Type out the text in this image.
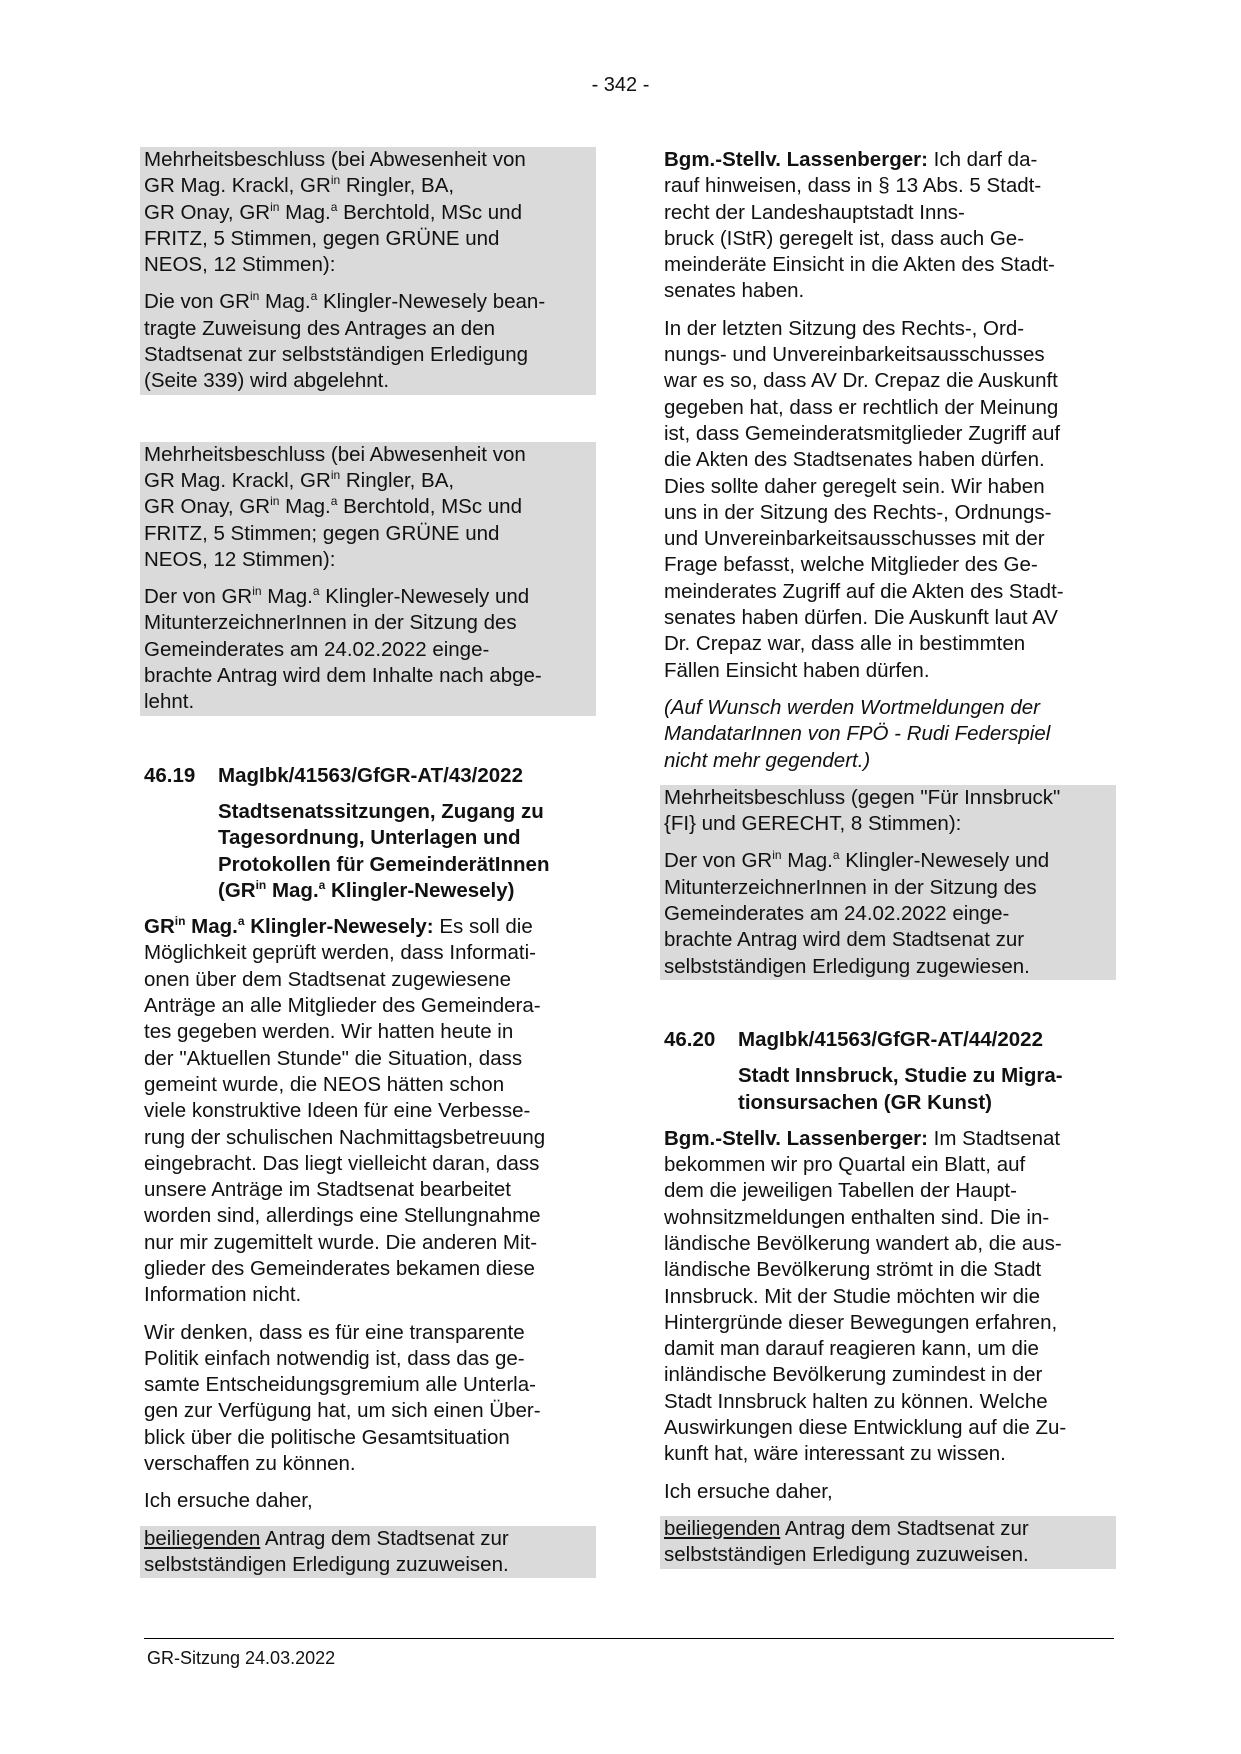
- 342 -

Mehrheitsbeschluss (bei Abwesenheit von
GR Mag. Krackl, $GR^{in}$ Ringler, BA,
GR Onay, $GR^{in}$ Mag.$^a$ Berchtold, MSc und
FRITZ, 5 Stimmen, gegen GRÜNE und
NEOS, 12 Stimmen):

Die von $GR^{in}$ Mag.$^a$ Klingler-Newesely bean-
tragte Zuweisung des Antrages an den
Stadtsenat zur selbstständigen Erledigung
(Seite 339) wird abgelehnt.

Mehrheitsbeschluss (bei Abwesenheit von
GR Mag. Krackl, $GR^{in}$ Ringler, BA,
GR Onay, $GR^{in}$ Mag.$^a$ Berchtold, MSc und
FRITZ, 5 Stimmen; gegen GRÜNE und
NEOS, 12 Stimmen):

Der von $GR^{in}$ Mag.$^a$ Klingler-Newesely und
MitunterzeichnerInnen in der Sitzung des
Gemeinderates am 24.02.2022 einge-
brachte Antrag wird dem Inhalte nach abge-
lehnt.

46.19	MagIbk/41563/GfGR-AT/43/2022
Stadtsenatssitzungen, Zugang zu
Tagesordnung, Unterlagen und
Protokollen für GemeinderätInnen
($GR^{in}$ Mag.$^a$ Klingler-Newesely)

$GR^{in}$ Mag.$^a$ Klingler-Newesely: Es soll die
Möglichkeit geprüft werden, dass Informati-
onen über dem Stadtsenat zugewiesene
Anträge an alle Mitglieder des Gemeindera-
tes gegeben werden. Wir hatten heute in
der "Aktuellen Stunde" die Situation, dass
gemeint wurde, die NEOS hätten schon
viele konstruktive Ideen für eine Verbesse-
rung der schulischen Nachmittagsbetreuung
eingebracht. Das liegt vielleicht daran, dass
unsere Anträge im Stadtsenat bearbeitet
worden sind, allerdings eine Stellungnahme
nur mir zugemittelt wurde. Die anderen Mit-
glieder des Gemeinderates bekamen diese
Information nicht.

Wir denken, dass es für eine transparente
Politik einfach notwendig ist, dass das ge-
samte Entscheidungsgremium alle Unterla-
gen zur Verfügung hat, um sich einen Über-
blick über die politische Gesamtsituation
verschaffen zu können.

Ich ersuche daher,

beiliegenden Antrag dem Stadtsenat zur
selbstständigen Erledigung zuzuweisen.

Bgm.-Stellv. Lassenberger: Ich darf da-
rauf hinweisen, dass in § 13 Abs. 5 Stadt-
recht der Landeshauptstadt Inns-
bruck (IStR) geregelt ist, dass auch Ge-
meinderäte Einsicht in die Akten des Stadt-
senates haben.

In der letzten Sitzung des Rechts-, Ord-
nungs- und Unvereinbarkeitsausschusses
war es so, dass AV Dr. Crepaz die Auskunft
gegeben hat, dass er rechtlich der Meinung
ist, dass Gemeinderatsmitglieder Zugriff auf
die Akten des Stadtsenates haben dürfen.
Dies sollte daher geregelt sein. Wir haben
uns in der Sitzung des Rechts-, Ordnungs-
und Unvereinbarkeitsausschusses mit der
Frage befasst, welche Mitglieder des Ge-
meinderates Zugriff auf die Akten des Stadt-
senates haben dürfen. Die Auskunft laut AV
Dr. Crepaz war, dass alle in bestimmten
Fällen Einsicht haben dürfen.

(Auf Wunsch werden Wortmeldungen der
MandatarInnen von FPÖ - Rudi Federspiel
nicht mehr gegendert.)

Mehrheitsbeschluss (gegen "Für Innsbruck"
{FI} und GERECHT, 8 Stimmen):

Der von $GR^{in}$ Mag.$^a$ Klingler-Newesely und
MitunterzeichnerInnen in der Sitzung des
Gemeinderates am 24.02.2022 einge-
brachte Antrag wird dem Stadtsenat zur
selbstständigen Erledigung zugewiesen.

46.20	MagIbk/41563/GfGR-AT/44/2022
Stadt Innsbruck, Studie zu Migra-
tionsursachen (GR Kunst)

Bgm.-Stellv. Lassenberger: Im Stadtsenat
bekommen wir pro Quartal ein Blatt, auf
dem die jeweiligen Tabellen der Haupt-
wohnsitzmeldungen enthalten sind. Die in-
ländische Bevölkerung wandert ab, die aus-
ländische Bevölkerung strömt in die Stadt
Innsbruck. Mit der Studie möchten wir die
Hintergründe dieser Bewegungen erfahren,
damit man darauf reagieren kann, um die
inländische Bevölkerung zumindest in der
Stadt Innsbruck halten zu können. Welche
Auswirkungen diese Entwicklung auf die Zu-
kunft hat, wäre interessant zu wissen.

Ich ersuche daher,

beiliegenden Antrag dem Stadtsenat zur
selbstständigen Erledigung zuzuweisen.

GR-Sitzung 24.03.2022
